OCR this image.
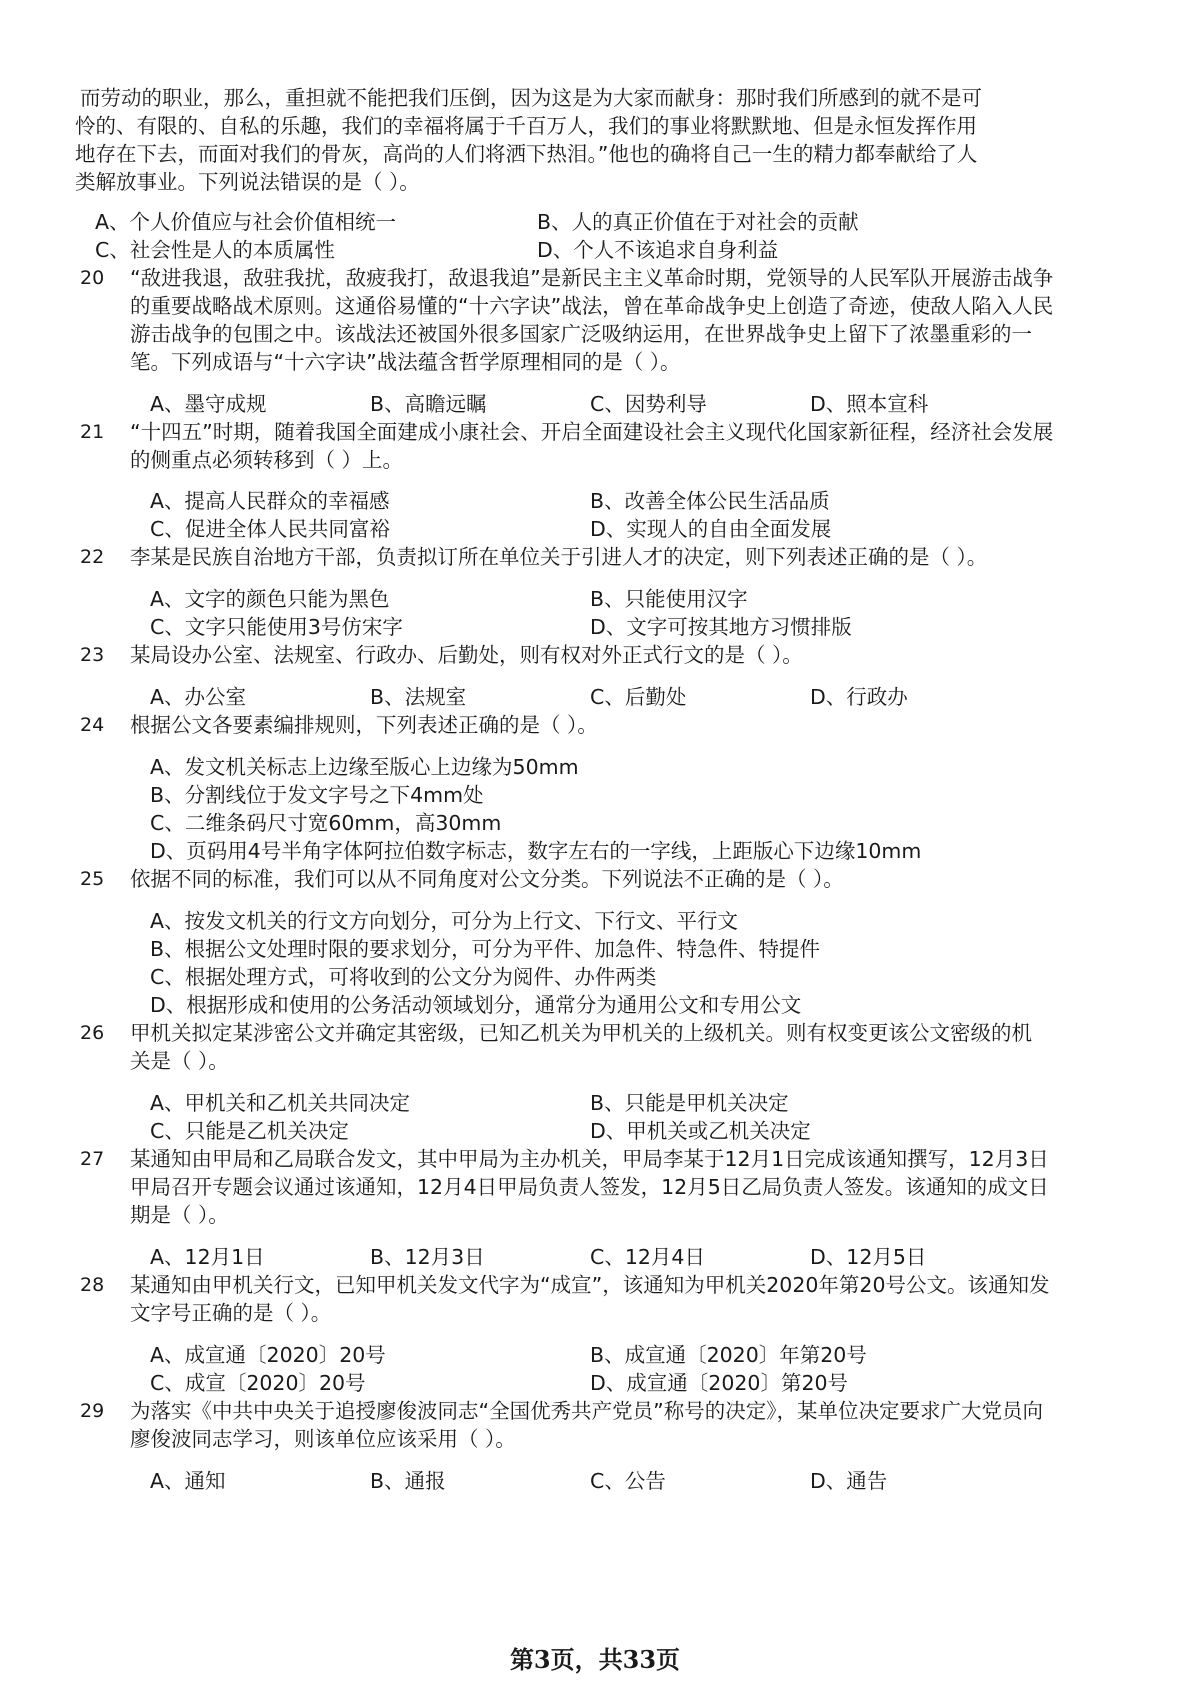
而劳动的职业，那么，重担就不能把我们压倒，因为这是为大家而献身：那时我们所感到的就不是可
怜的、有限的、自私的乐趣，我们的幸福将属于千百万人，我们的事业将默默地、但是永恒发挥作用
地存在下去，而面对我们的骨灰，高尚的人们将洒下热泪。”他也的确将自己一生的精力都奉献给了人
类解放事业。下列说法错误的是（ ）。
A、个人价值应与社会价值相统一	B、人的真正价值在于对社会的贡献
C、社会性是人的本质属性	D、个人不该追求自身利益
20 “敌进我退，敌驻我扰，敌疲我打，敌退我追”是新民主主义革命时期，党领导的人民军队开展游击战争
的重要战略战术原则。这通俗易懂的“十六字诀”战法，曾在革命战争史上创造了奇迹，使敌人陷入人民
游击战争的包围之中。该战法还被国外很多国家广泛吸纳运用，在世界战争史上留下了浓墨重彩的一
笔。下列成语与“十六字诀”战法蕴含哲学原理相同的是（ ）。
A、墨守成规	B、高瞻远瞩	C、因势利导	D、照本宣科
21 “十四五”时期，随着我国全面建成小康社会、开启全面建设社会主义现代化国家新征程，经济社会发展
的侧重点必须转移到（ ）上。
A、提高人民群众的幸福感	B、改善全体公民生活品质
C、促进全体人民共同富裕	D、实现人的自由全面发展
22 李某是民族自治地方干部，负责拟订所在单位关于引进人才的决定，则下列表述正确的是（ ）。
A、文字的颜色只能为黑色	B、只能使用汉字
C、文字只能使用3号仿宋字	D、文字可按其地方习惯排版
23 某局设办公室、法规室、行政办、后勤处，则有权对外正式行文的是（ ）。
A、办公室	B、法规室	C、后勤处	D、行政办
24 根据公文各要素编排规则，下列表述正确的是（ ）。
A、发文机关标志上边缘至版心上边缘为50mm
B、分割线位于发文字号之下4mm处
C、二维条码尺寸宽60mm，高30mm
D、页码用4号半角字体阿拉伯数字标志，数字左右的一字线，上距版心下边缘10mm
25 依据不同的标准，我们可以从不同角度对公文分类。下列说法不正确的是（ ）。
A、按发文机关的行文方向划分，可分为上行文、下行文、平行文
B、根据公文处理时限的要求划分，可分为平件、加急件、特急件、特提件
C、根据处理方式，可将收到的公文分为阅件、办件两类
D、根据形成和使用的公务活动领域划分，通常分为通用公文和专用公文
26 甲机关拟定某涉密公文并确定其密级，已知乙机关为甲机关的上级机关。则有权变更该公文密级的机
关是（ ）。
A、甲机关和乙机关共同决定	B、只能是甲机关决定
C、只能是乙机关决定	D、甲机关或乙机关决定
27 某通知由甲局和乙局联合发文，其中甲局为主办机关，甲局李某于12月1日完成该通知撰写，12月3日
甲局召开专题会议通过该通知，12月4日甲局负责人签发，12月5日乙局负责人签发。该通知的成文日
期是（ ）。
A、12月1日	B、12月3日	C、12月4日	D、12月5日
28 某通知由甲机关行文，已知甲机关发文代字为“成宣”，该通知为甲机关2020年第20号公文。该通知发
文字号正确的是（ ）。
A、成宣通〔2020〕20号	B、成宣通〔2020〕年第20号
C、成宣〔2020〕20号	D、成宣通〔2020〕第20号
29 为落实《中共中央关于追授廖俊波同志“全国优秀共产党员”称号的决定》，某单位决定要求广大党员向
廖俊波同志学习，则该单位应该采用（ ）。
A、通知	B、通报	C、公告	D、通告
第3页，共33页
